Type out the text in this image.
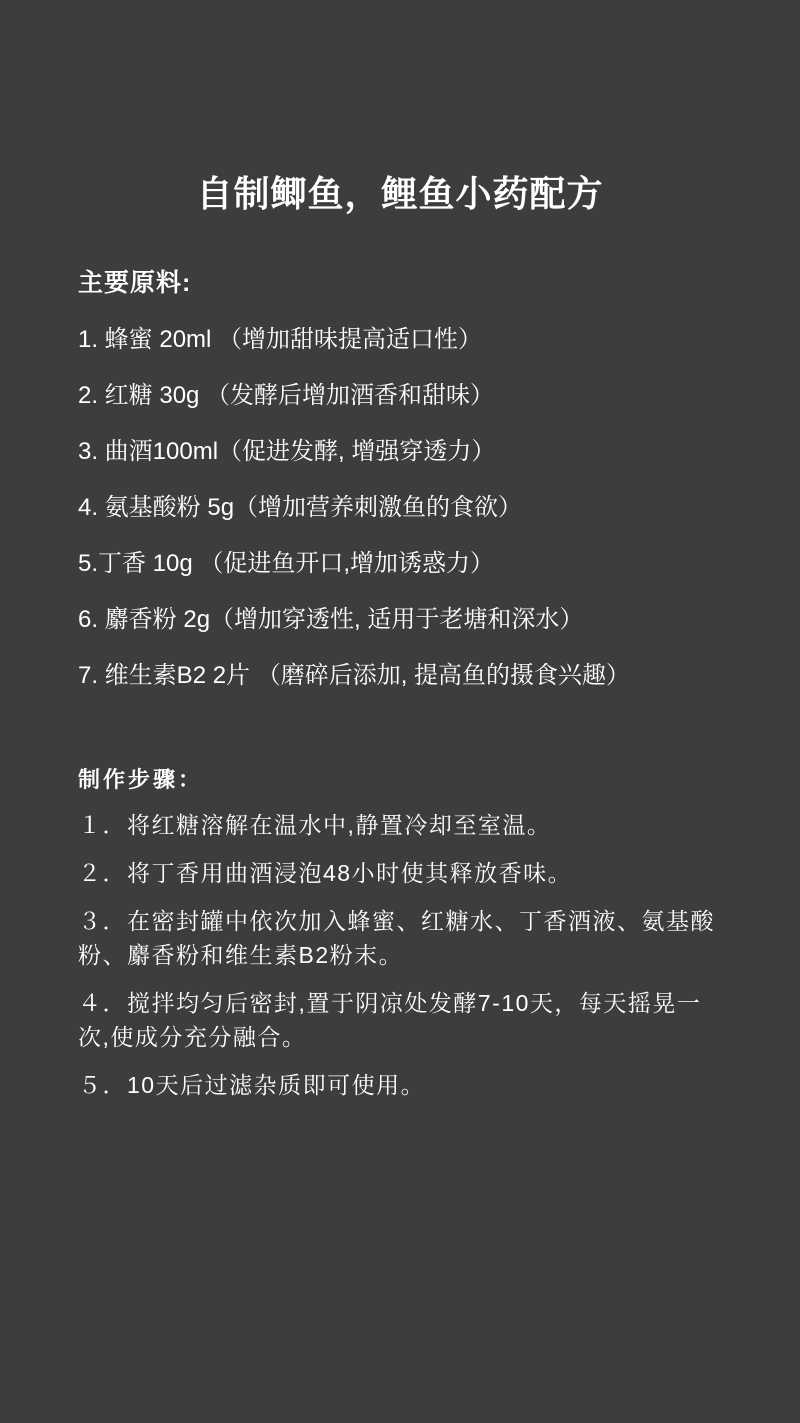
自制鲫鱼，鲤鱼小药配方
主要原料:
1. 蜂蜜 20ml （增加甜味提高适口性）
2. 红糖 30g （发酵后增加酒香和甜味）
3. 曲酒100ml（促进发酵, 增强穿透力）
4. 氨基酸粉 5g（增加营养刺激鱼的食欲）
5.丁香 10g （促进鱼开口,增加诱惑力）
6. 麝香粉 2g（增加穿透性, 适用于老塘和深水）
7. 维生素B2 2片 （磨碎后添加, 提高鱼的摄食兴趣）
制作步骤：
１．将红糖溶解在温水中,静置冷却至室温。
２．将丁香用曲酒浸泡48小时使其释放香味。
３．在密封罐中依次加入蜂蜜、红糖水、丁香酒液、氨基酸粉、麝香粉和维生素B2粉末。
４．搅拌均匀后密封,置于阴凉处发酵7-10天，每天摇晃一次,使成分充分融合。
５．10天后过滤杂质即可使用。
